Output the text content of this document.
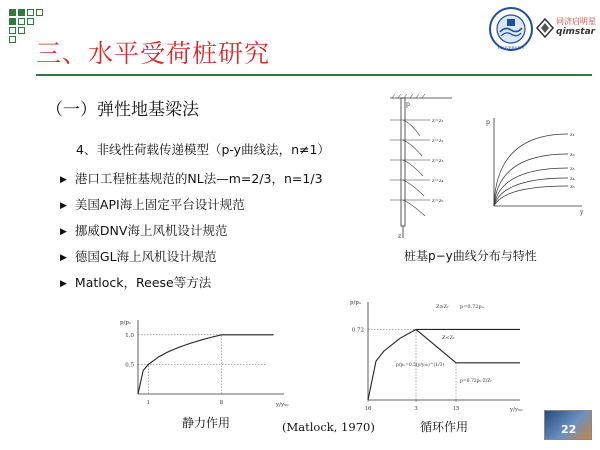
UNIVERSITY
同济启明星
qimstar
三、水平受荷桩研究
（一）弹性地基梁法
4、非线性荷载传递模型（p-y曲线法，n≠1）
▶ 港口工程桩基规范的NL法—m=2/3，n=1/3
▶ 美国API海上固定平台设计规范
▶ 挪威DNV海上风机设计规范
▶ 德国GL海上风机设计规范
▶ Matlock，Reese等方法
z
p
z=z₁
z=z₂
z=z₃
z=z₄
z=z₅
p
y
z₁
z₂
z₃
z₄
z₅
桩基p−y曲线分布与特性
p/pᵤ
y/y₅₀
1.0
0.5
1	8
静力作用
p/pᵤ
y/y₅₀
0.72
16	3	15
Z≥Zᵣ p=0.72pᵤ
Z<Zᵣ
p/pᵤ=0.5(y/y₅₀)^(1/3)
p=0.72pᵤ·Z/Zᵣ
循环作用
(Matlock, 1970)	22
